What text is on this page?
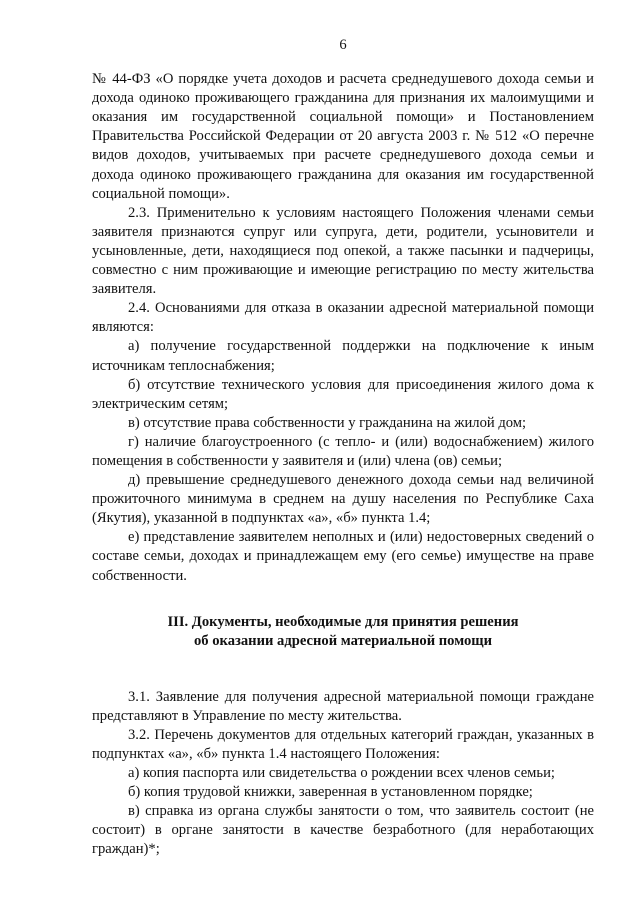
6

№ 44-ФЗ «О порядке учета доходов и расчета среднедушевого дохода семьи и дохода одиноко проживающего гражданина для признания их малоимущими и оказания им государственной социальной помощи» и Постановлением Правительства Российской Федерации от 20 августа 2003 г. № 512 «О перечне видов доходов, учитываемых при расчете среднедушевого дохода семьи и дохода одиноко проживающего гражданина для оказания им государственной социальной помощи».

2.3. Применительно к условиям настоящего Положения членами семьи заявителя признаются супруг или супруга, дети, родители, усыновители и усыновленные, дети, находящиеся под опекой, а также пасынки и падчерицы, совместно с ним проживающие и имеющие регистрацию по месту жительства заявителя.

2.4. Основаниями для отказа в оказании адресной материальной помощи являются:

а) получение государственной поддержки на подключение к иным источникам теплоснабжения;

б) отсутствие технического условия для присоединения жилого дома к электрическим сетям;

в) отсутствие права собственности у гражданина на жилой дом;

г) наличие благоустроенного (с тепло- и (или) водоснабжением) жилого помещения в собственности у заявителя и (или) члена (ов) семьи;

д) превышение среднедушевого денежного дохода семьи над величиной прожиточного минимума в среднем на душу населения по Республике Саха (Якутия), указанной в подпунктах «а», «б» пункта 1.4;

е) представление заявителем неполных и (или) недостоверных сведений о составе семьи, доходах и принадлежащем ему (его семье) имуществе на праве собственности.

III. Документы, необходимые для принятия решения
об оказании адресной материальной помощи

3.1. Заявление для получения адресной материальной помощи граждане представляют в Управление по месту жительства.

3.2. Перечень документов для отдельных категорий граждан, указанных в подпунктах «а», «б» пункта 1.4 настоящего Положения:

а) копия паспорта или свидетельства о рождении всех членов семьи;

б) копия трудовой книжки, заверенная в установленном порядке;

в) справка из органа службы занятости о том, что заявитель состоит (не состоит) в органе занятости в качестве безработного (для неработающих граждан)*;
